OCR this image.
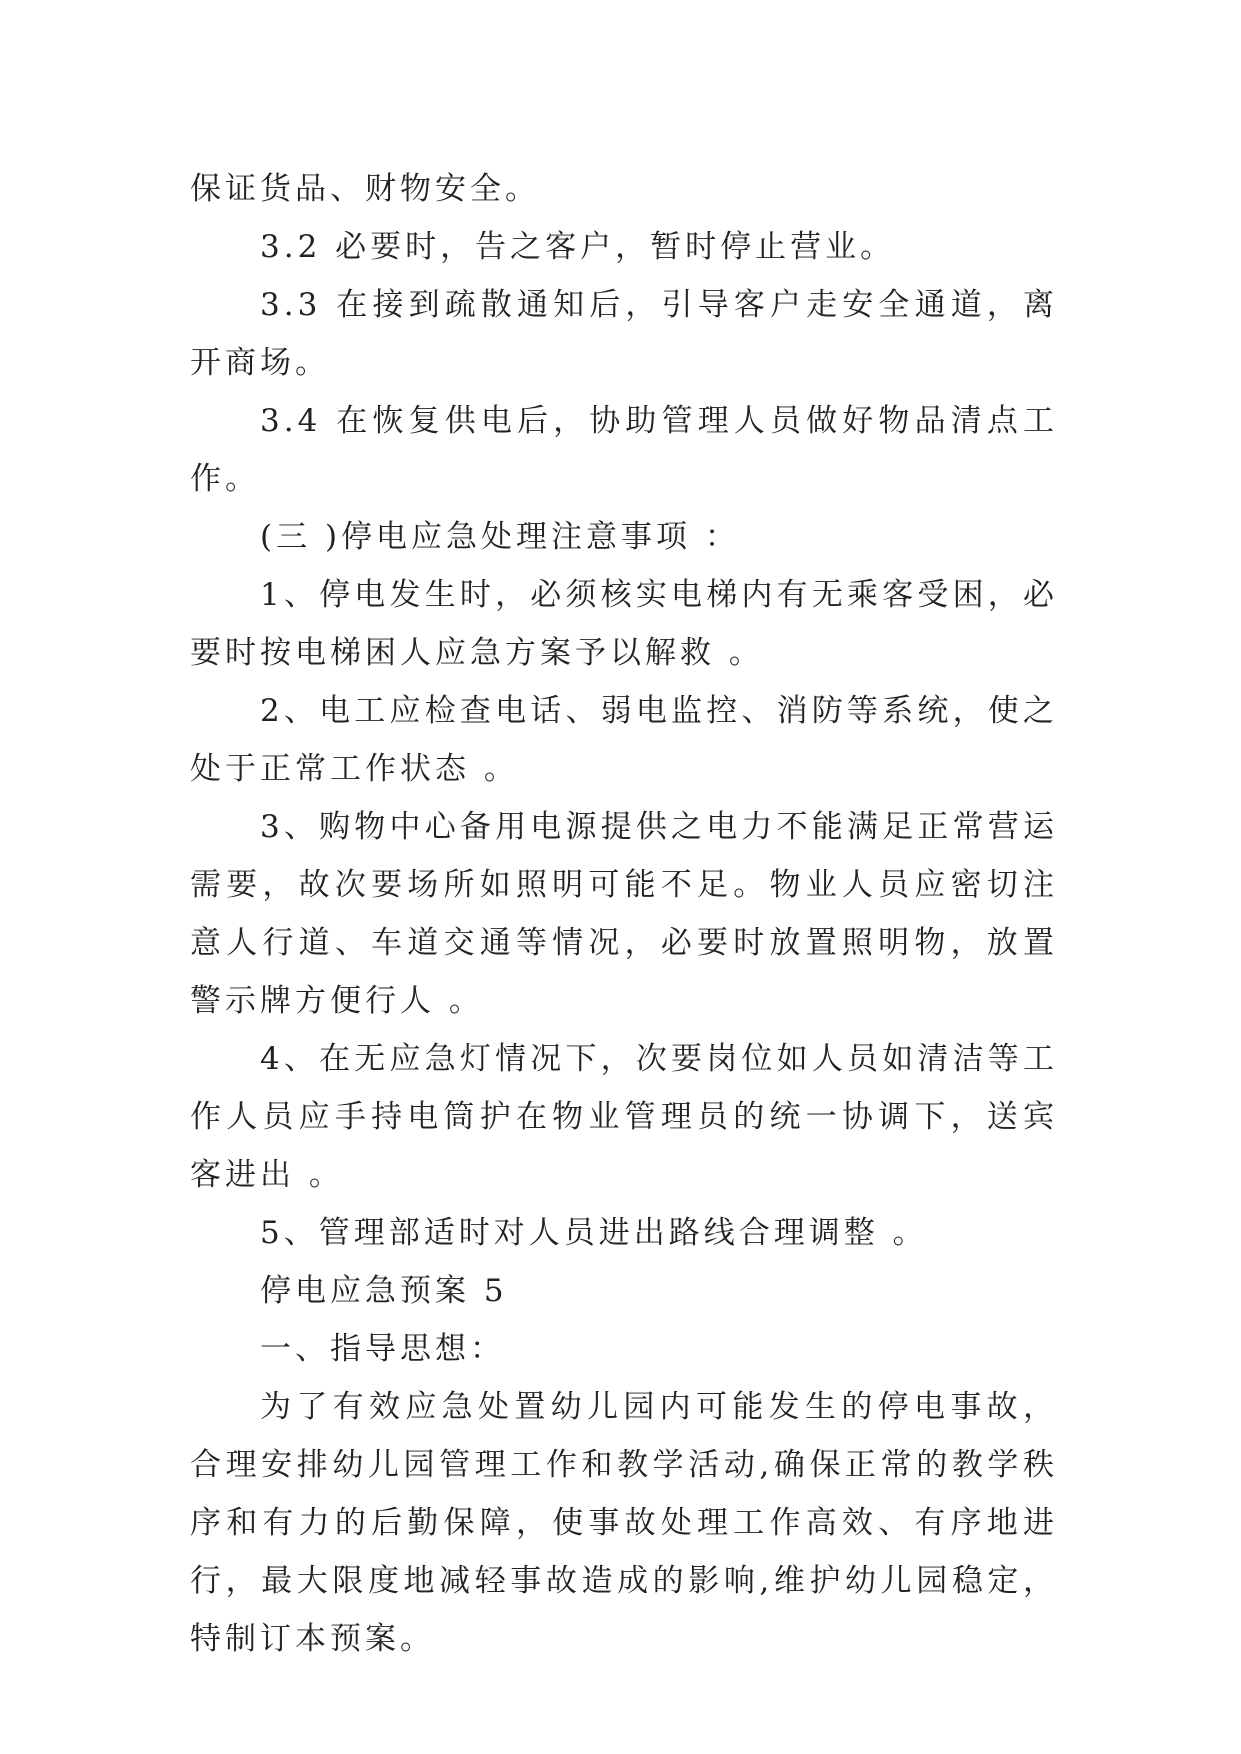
保证货品、财物安全。

3.2 必要时，告之客户，暂时停止营业。

3.3 在接到疏散通知后，引导客户走安全通道，离开商场。

3.4 在恢复供电后，协助管理人员做好物品清点工作。

(三 )停电应急处理注意事项 ：

1、停电发生时，必须核实电梯内有无乘客受困，必要时按电梯困人应急方案予以解救 。

2、电工应检查电话、弱电监控、消防等系统，使之处于正常工作状态 。

3、购物中心备用电源提供之电力不能满足正常营运需要，故次要场所如照明可能不足。物业人员应密切注意人行道、车道交通等情况，必要时放置照明物，放置警示牌方便行人 。

4、在无应急灯情况下，次要岗位如人员如清洁等工作人员应手持电筒护在物业管理员的统一协调下，送宾客进出 。

5、管理部适时对人员进出路线合理调整 。

停电应急预案 5

一、指导思想：

为了有效应急处置幼儿园内可能发生的停电事故，合理安排幼儿园管理工作和教学活动,确保正常的教学秩序和有力的后勤保障，使事故处理工作高效、有序地进行，最大限度地减轻事故造成的影响,维护幼儿园稳定，特制订本预案。
